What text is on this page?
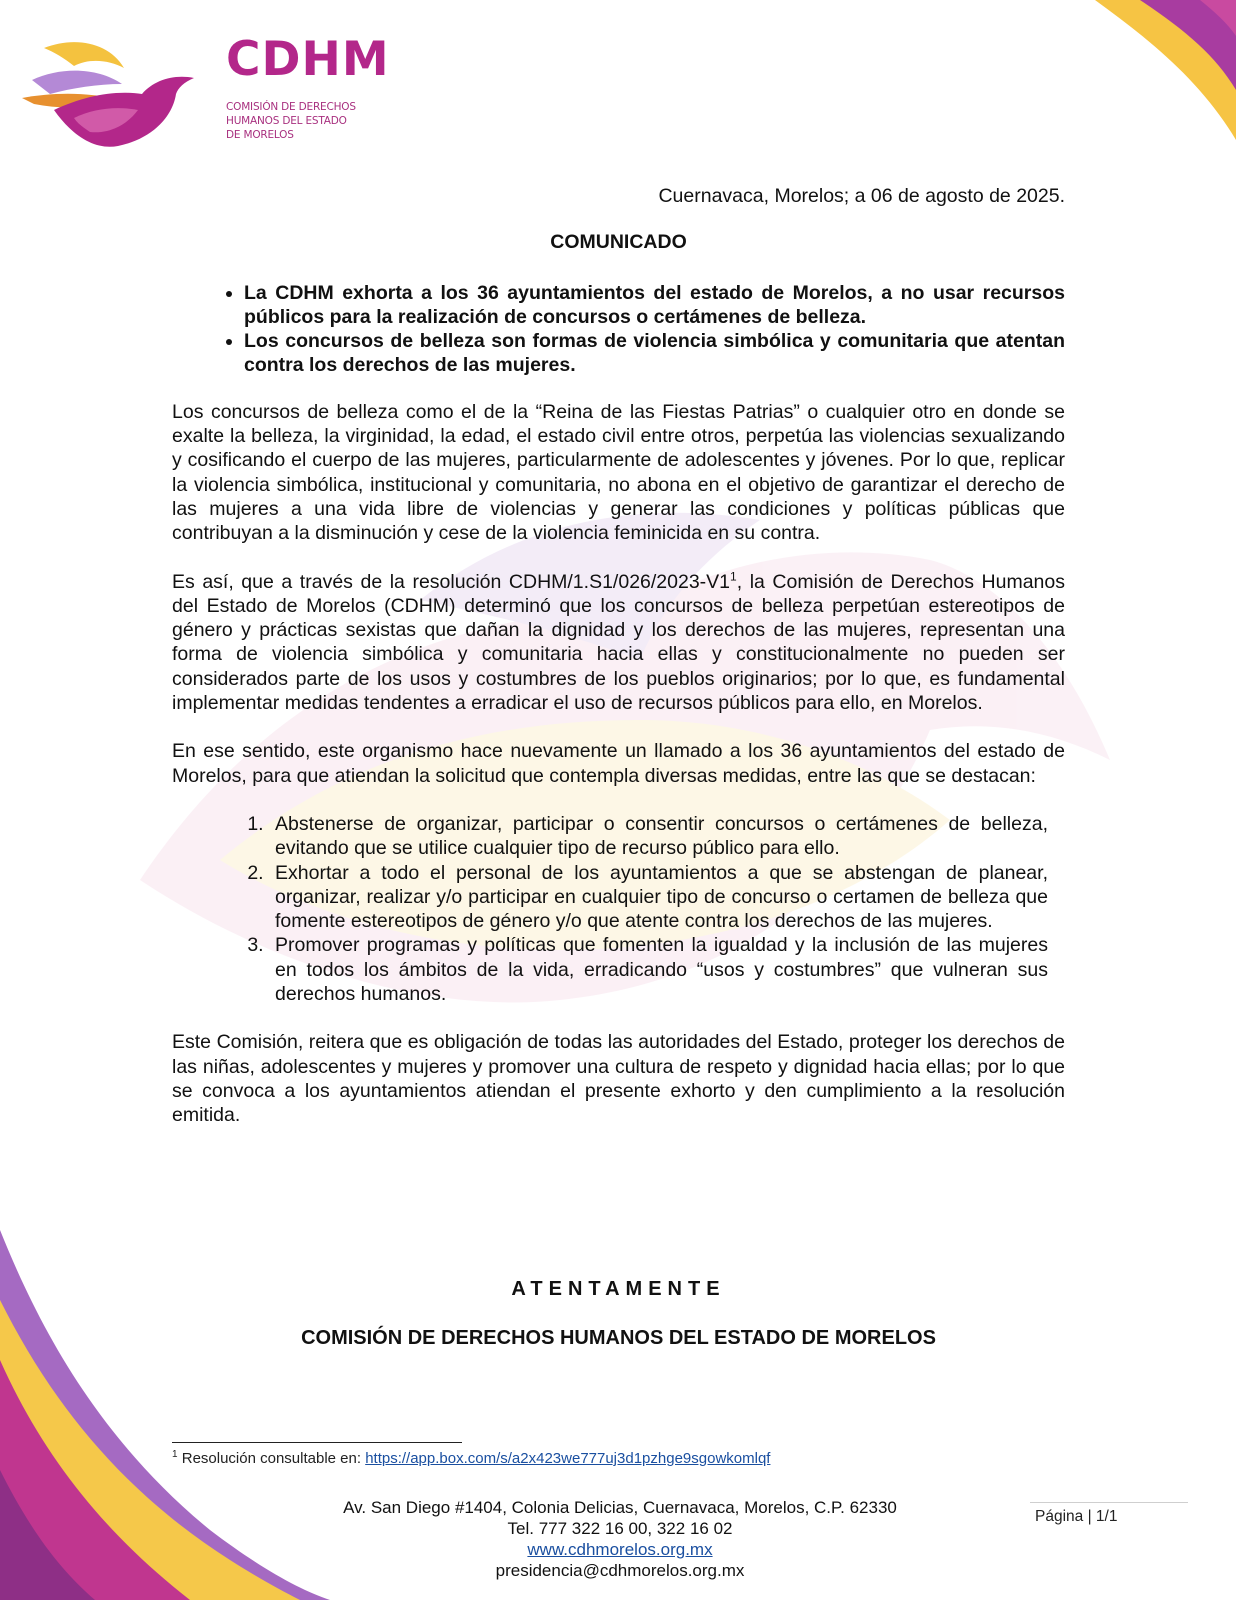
CDHM
COMISIÓN DE DERECHOS
HUMANOS DEL ESTADO
DE MORELOS

Cuernavaca, Morelos; a 06 de agosto de 2025.

COMUNICADO

• La CDHM exhorta a los 36 ayuntamientos del estado de Morelos, a no usar recursos públicos para la realización de concursos o certámenes de belleza.
• Los concursos de belleza son formas de violencia simbólica y comunitaria que atentan contra los derechos de las mujeres.

Los concursos de belleza como el de la “Reina de las Fiestas Patrias” o cualquier otro en donde se exalte la belleza, la virginidad, la edad, el estado civil entre otros, perpetúa las violencias sexualizando y cosificando el cuerpo de las mujeres, particularmente de adolescentes y jóvenes. Por lo que, replicar la violencia simbólica, institucional y comunitaria, no abona en el objetivo de garantizar el derecho de las mujeres a una vida libre de violencias y generar las condiciones y políticas públicas que contribuyan a la disminución y cese de la violencia feminicida en su contra.

Es así, que a través de la resolución CDHM/$1.S1/026/2023-V1^1$, la Comisión de Derechos Humanos del Estado de Morelos (CDHM) determinó que los concursos de belleza perpetúan estereotipos de género y prácticas sexistas que dañan la dignidad y los derechos de las mujeres, representan una forma de violencia simbólica y comunitaria hacia ellas y constitucionalmente no pueden ser considerados parte de los usos y costumbres de los pueblos originarios; por lo que, es fundamental implementar medidas tendentes a erradicar el uso de recursos públicos para ello, en Morelos.

En ese sentido, este organismo hace nuevamente un llamado a los 36 ayuntamientos del estado de Morelos, para que atiendan la solicitud que contempla diversas medidas, entre las que se destacan:

1. Abstenerse de organizar, participar o consentir concursos o certámenes de belleza, evitando que se utilice cualquier tipo de recurso público para ello.
2. Exhortar a todo el personal de los ayuntamientos a que se abstengan de planear, organizar, realizar y/o participar en cualquier tipo de concurso o certamen de belleza que fomente estereotipos de género y/o que atente contra los derechos de las mujeres.
3. Promover programas y políticas que fomenten la igualdad y la inclusión de las mujeres en todos los ámbitos de la vida, erradicando “usos y costumbres” que vulneran sus derechos humanos.

Este Comisión, reitera que es obligación de todas las autoridades del Estado, proteger los derechos de las niñas, adolescentes y mujeres y promover una cultura de respeto y dignidad hacia ellas; por lo que se convoca a los ayuntamientos atiendan el presente exhorto y den cumplimiento a la resolución emitida.

ATENTAMENTE
COMISIÓN DE DERECHOS HUMANOS DEL ESTADO DE MORELOS
$^1$ Resolución consultable en: https://app.box.com/s/a2x423we777uj3d1pzhge9sgowkomlqf
Av. San Diego #1404, Colonia Delicias, Cuernavaca, Morelos, C.P. 62330
Tel. 777 322 16 00, 322 16 02
www.cdhmorelos.org.mx
presidencia@cdhmorelos.org.mx
Página | 1/1
